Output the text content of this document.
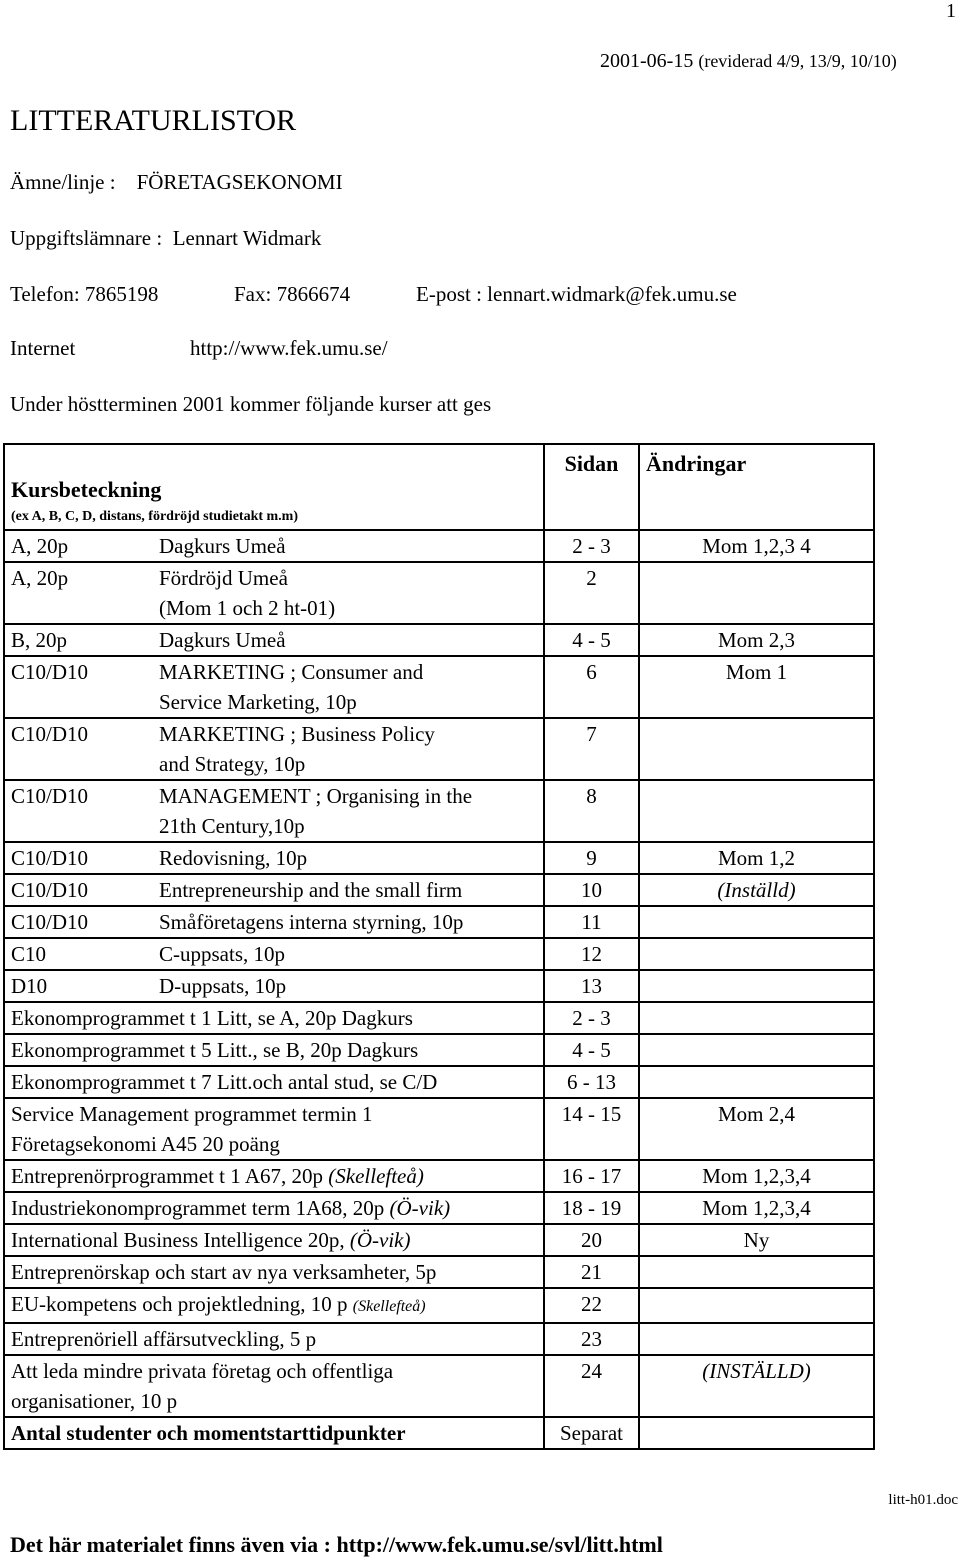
1
2001-06-15 (reviderad 4/9, 13/9, 10/10)
LITTERATURLISTOR
Ämne/linje : FÖRETAGSEKONOMI
Uppgiftslämnare : Lennart Widmark
Telefon: 7865198	Fax: 7866674	E-post : lennart.widmark@fek.umu.se
Internet	http://www.fek.umu.se/
Under höstterminen 2001 kommer följande kurser att ges
Kursbeteckning
(ex A, B, C, D, distans, fördröjd studietakt m.m)	Sidan	Ändringar

A, 20p Dagkurs Umeå	2 - 3	Mom 1,2,3 4

A, 20p Fördröjd Umeå
(Mom 1 och 2 ht-01)	2	

B, 20p Dagkurs Umeå	4 - 5	Mom 2,3

C10/D10 MARKETING ; Consumer and
Service Marketing, 10p	6	Mom 1

C10/D10 MARKETING ; Business Policy
and Strategy, 10p	7	

C10/D10 MANAGEMENT ; Organising in the
21th Century,10p	8	

C10/D10 Redovisning, 10p	9	Mom 1,2

C10/D10 Entrepreneurship and the small firm	10	(Inställd)

C10/D10 Småföretagens interna styrning, 10p	11	

C10 C-uppsats, 10p	12	

D10 D-uppsats, 10p	13	
Ekonomprogrammet t 1 Litt, se A, 20p Dagkurs	2 - 3	
Ekonomprogrammet t 5 Litt., se B, 20p Dagkurs	4 - 5	
Ekonomprogrammet t 7 Litt.och antal stud, se C/D	6 - 13	
Service Management programmet termin 1
Företagsekonomi A45 20 poäng	14 - 15	Mom 2,4
Entreprenörprogrammet t 1 A67, 20p (Skellefteå)	16 - 17	Mom 1,2,3,4
Industriekonomprogrammet term 1A68, 20p (Ö-vik)	18 - 19	Mom 1,2,3,4
International Business Intelligence 20p, (Ö-vik)	20	Ny
Entreprenörskap och start av nya verksamheter, 5p	21	
EU-kompetens och projektledning, 10 p (Skellefteå)	22	
Entreprenöriell affärsutveckling, 5 p	23	
Att leda mindre privata företag och offentliga
organisationer, 10 p	24	(INSTÄLLD)
Antal studenter och momentstarttidpunkter	Separat	
litt-h01.doc
Det här materialet finns även via : http://www.fek.umu.se/svl/litt.html
